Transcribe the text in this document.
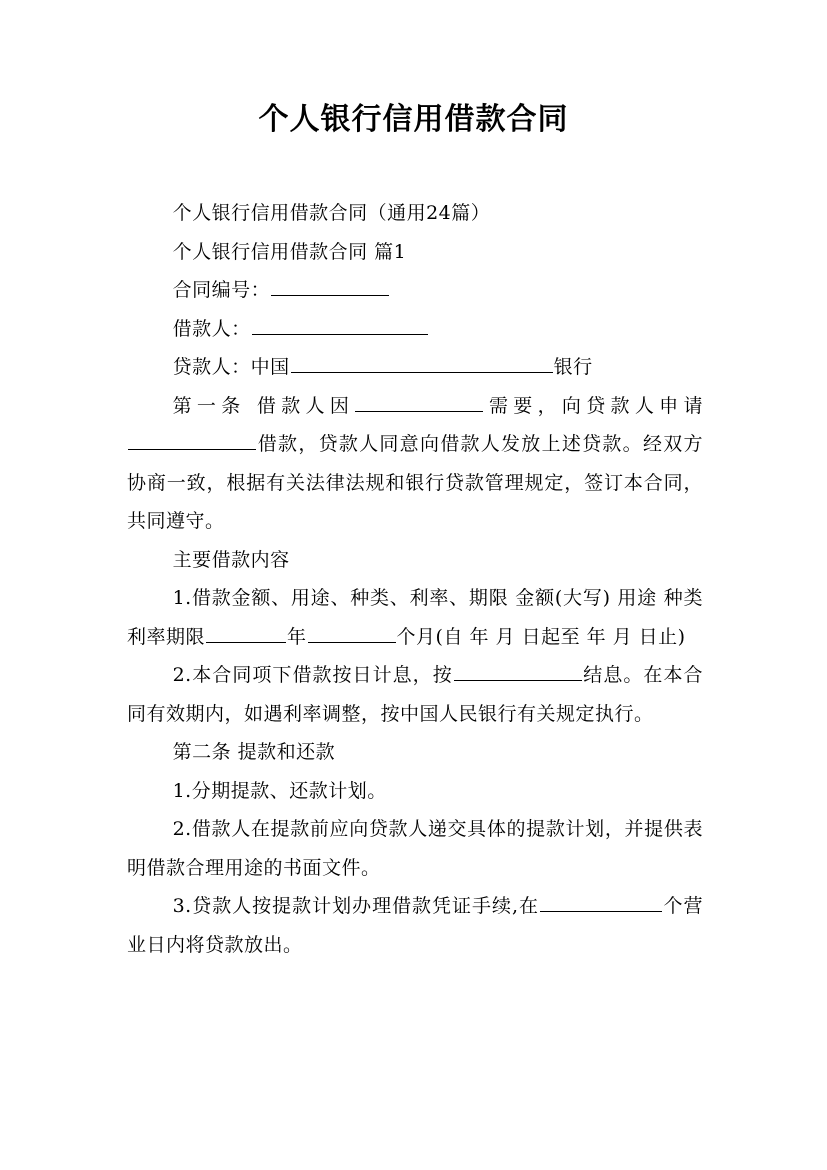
个人银行信用借款合同

个人银行信用借款合同（通用24篇）

个人银行信用借款合同 篇1

合同编号：

借款人：

贷款人：中国	银行

第一条 借款人因	需要，向贷款人申请借款，贷款人同意向借款人发放上述贷款。经双方协商一致，根据有关法律法规和银行贷款管理规定，签订本合同，共同遵守。

主要借款内容

1.借款金额、用途、种类、利率、期限 金额(大写) 用途 种类利率期限	年	个月(自 年 月 日起至 年 月 日止)

2.本合同项下借款按日计息，按	结息。在本合同有效期内，如遇利率调整，按中国人民银行有关规定执行。

第二条 提款和还款

1.分期提款、还款计划。

2.借款人在提款前应向贷款人递交具体的提款计划，并提供表明借款合理用途的书面文件。

3.贷款人按提款计划办理借款凭证手续,在	个营业日内将贷款放出。
